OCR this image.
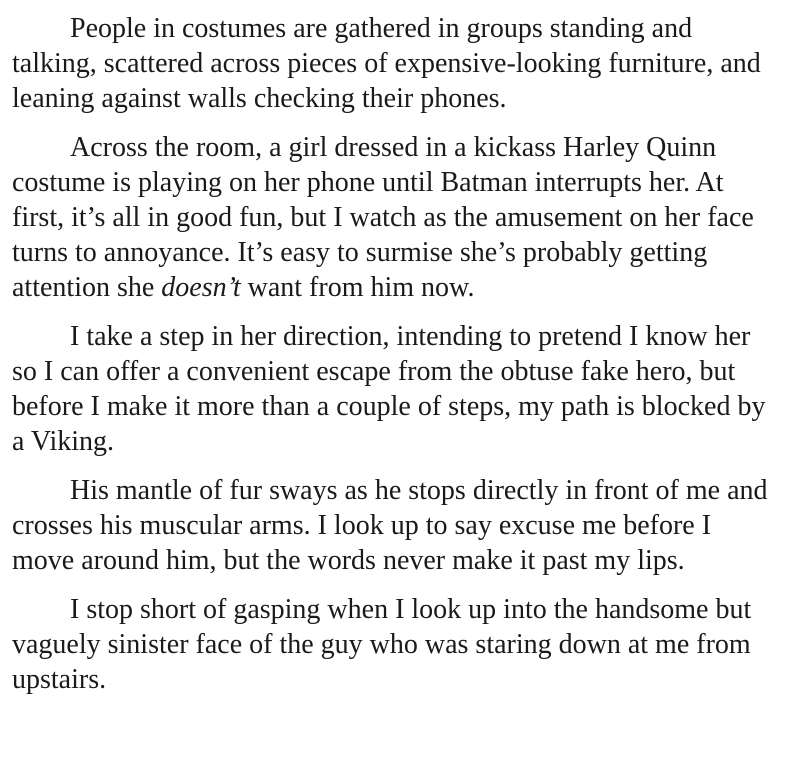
People in costumes are gathered in groups standing and talking, scattered across pieces of expensive-looking furniture, and leaning against walls checking their phones.

Across the room, a girl dressed in a kickass Harley Quinn costume is playing on her phone until Batman interrupts her. At first, it’s all in good fun, but I watch as the amusement on her face turns to annoyance. It’s easy to surmise she’s probably getting attention she doesn’t want from him now.

I take a step in her direction, intending to pretend I know her so I can offer a convenient escape from the obtuse fake hero, but before I make it more than a couple of steps, my path is blocked by a Viking.

His mantle of fur sways as he stops directly in front of me and crosses his muscular arms. I look up to say excuse me before I move around him, but the words never make it past my lips.

I stop short of gasping when I look up into the handsome but vaguely sinister face of the guy who was staring down at me from upstairs.
